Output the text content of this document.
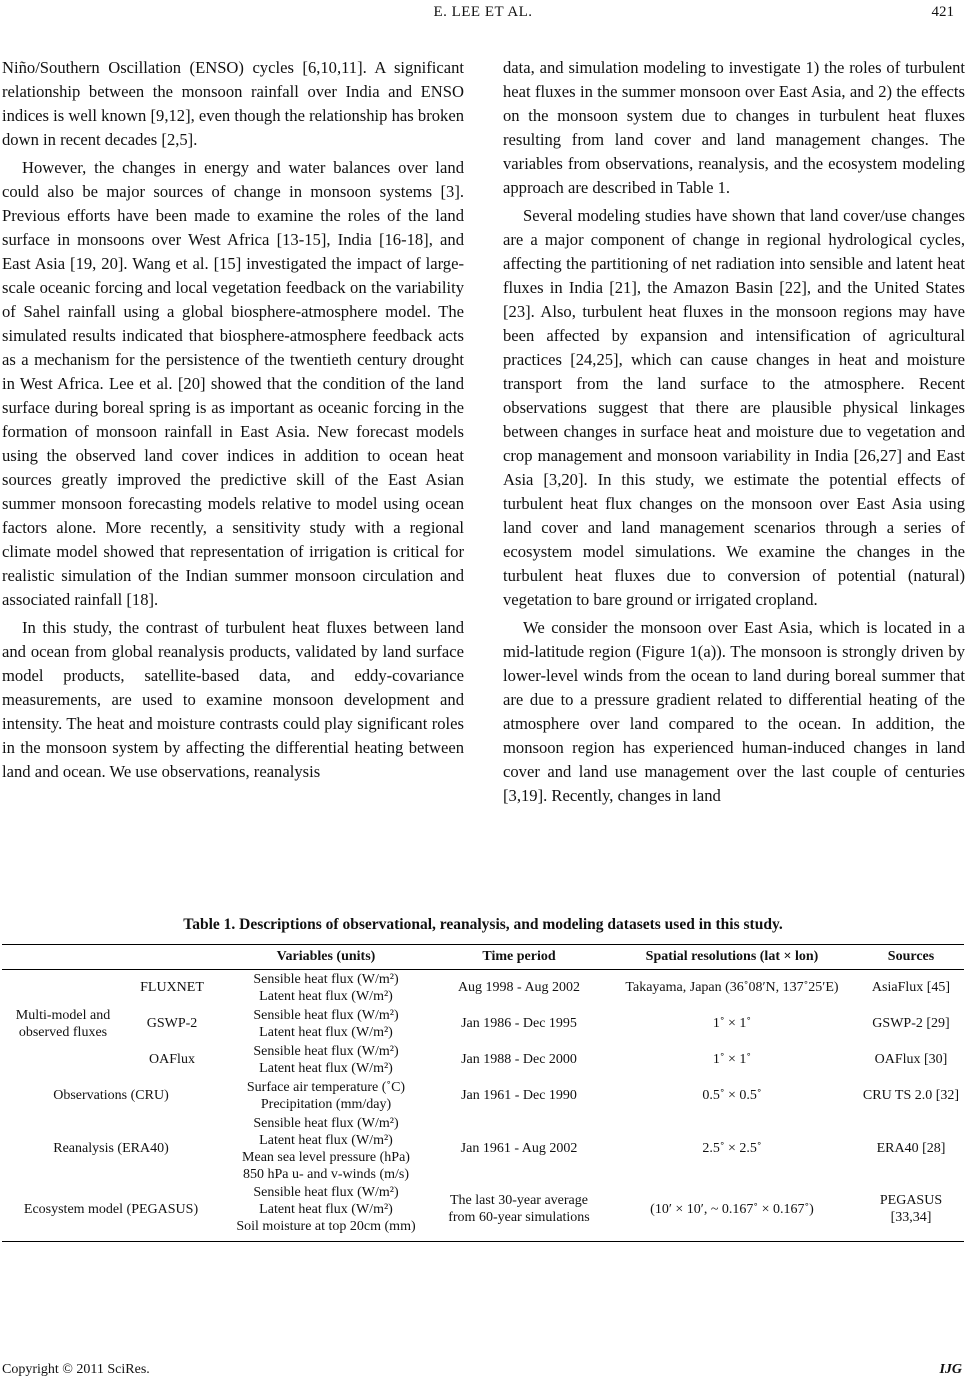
E. LEE ET AL.	421

Niño/Southern Oscillation (ENSO) cycles [6,10,11]. A significant relationship between the monsoon rainfall over India and ENSO indices is well known [9,12], even though the relationship has broken down in recent decades [2,5].

However, the changes in energy and water balances over land could also be major sources of change in monsoon systems [3]. Previous efforts have been made to examine the roles of the land surface in monsoons over West Africa [13-15], India [16-18], and East Asia [19, 20]. Wang et al. [15] investigated the impact of large-scale oceanic forcing and local vegetation feedback on the variability of Sahel rainfall using a global biosphere-atmosphere model. The simulated results indicated that biosphere-atmosphere feedback acts as a mechanism for the persistence of the twentieth century drought in West Africa. Lee et al. [20] showed that the condition of the land surface during boreal spring is as important as oceanic forcing in the formation of monsoon rainfall in East Asia. New forecast models using the observed land cover indices in addition to ocean heat sources greatly improved the predictive skill of the East Asian summer monsoon forecasting models relative to model using ocean factors alone. More recently, a sensitivity study with a regional climate model showed that representation of irrigation is critical for realistic simulation of the Indian summer monsoon circulation and associated rainfall [18].

In this study, the contrast of turbulent heat fluxes between land and ocean from global reanalysis products, validated by land surface model products, satellite-based data, and eddy-covariance measurements, are used to examine monsoon development and intensity. The heat and moisture contrasts could play significant roles in the monsoon system by affecting the differential heating between land and ocean. We use observations, reanalysis

data, and simulation modeling to investigate 1) the roles of turbulent heat fluxes in the summer monsoon over East Asia, and 2) the effects on the monsoon system due to changes in turbulent heat fluxes resulting from land cover and land management changes. The variables from observations, reanalysis, and the ecosystem modeling approach are described in Table 1.

Several modeling studies have shown that land cover/use changes are a major component of change in regional hydrological cycles, affecting the partitioning of net radiation into sensible and latent heat fluxes in India [21], the Amazon Basin [22], and the United States [23]. Also, turbulent heat fluxes in the monsoon regions may have been affected by expansion and intensification of agricultural practices [24,25], which can cause changes in heat and moisture transport from the land surface to the atmosphere. Recent observations suggest that there are plausible physical linkages between changes in surface heat and moisture due to vegetation and crop management and monsoon variability in India [26,27] and East Asia [3,20]. In this study, we estimate the potential effects of turbulent heat flux changes on the monsoon over East Asia using land cover and land management scenarios through a series of ecosystem model simulations. We examine the changes in the turbulent heat fluxes due to conversion of potential (natural) vegetation to bare ground or irrigated cropland.

We consider the monsoon over East Asia, which is located in a mid-latitude region (Figure 1(a)). The monsoon is strongly driven by lower-level winds from the ocean to land during boreal summer that are due to a pressure gradient related to differential heating of the atmosphere over land compared to the ocean. In addition, the monsoon region has experienced human-induced changes in land cover and land use management over the last couple of centuries [3,19]. Recently, changes in land

Table 1. Descriptions of observational, reanalysis, and modeling datasets used in this study.
		Variables (units)	Time period	Spatial resolutions (lat × lon)	Sources
Multi-model and observed fluxes	FLUXNET	Sensible heat flux (W/m²)
Latent heat flux (W/m²)	Aug 1998 - Aug 2002	Takayama, Japan (36˚08′N, 137˚25′E)	AsiaFlux [45]
	GSWP-2	Sensible heat flux (W/m²)
Latent heat flux (W/m²)	Jan 1986 - Dec 1995	1˚ × 1˚	GSWP-2 [29]
	OAFlux	Sensible heat flux (W/m²)
Latent heat flux (W/m²)	Jan 1988 - Dec 2000	1˚ × 1˚	OAFlux [30]
Observations (CRU)		Surface air temperature (˚C)
Precipitation (mm/day)	Jan 1961 - Dec 1990	0.5˚ × 0.5˚	CRU TS 2.0 [32]
Reanalysis (ERA40)		Sensible heat flux (W/m²)
Latent heat flux (W/m²)
Mean sea level pressure (hPa)
850 hPa u- and v-winds (m/s)	Jan 1961 - Aug 2002	2.5˚ × 2.5˚	ERA40 [28]
Ecosystem model (PEGASUS)		Sensible heat flux (W/m²)
Latent heat flux (W/m²)
Soil moisture at top 20cm (mm)	The last 30-year average
from 60-year simulations	(10′ × 10′, ~ 0.167˚ × 0.167˚)	PEGASUS [33,34]
Copyright © 2011 SciRes.	IJG
